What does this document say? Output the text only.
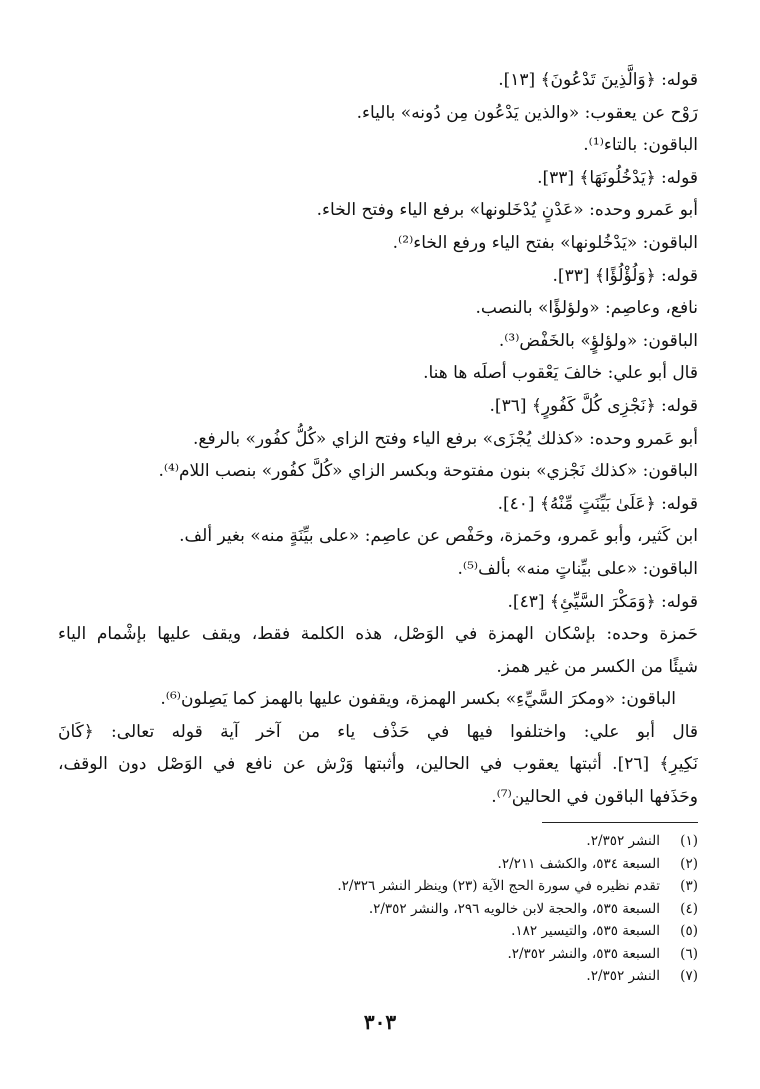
قوله: ﴿وَالَّذِينَ تَدْعُونَ﴾ [١٣].
رَوْح عن يعقوب: «والذين يَدْعُون مِن دُونه» بالياء.
الباقون: بالتاء⁽¹⁾.
قوله: ﴿يَدْخُلُونَهَا﴾ [٣٣].
أبو عَمرو وحده: «عَدْنٍ يُدْخَلونها» برفع الياء وفتح الخاء.
الباقون: «يَدْخُلونها» بفتح الياء ورفع الخاء⁽²⁾.
قوله: ﴿وَلُؤْلُؤًا﴾ [٣٣].
نافع، وعاصِم: «ولؤلؤًا» بالنصب.
الباقون: «ولؤلؤٍ» بالخَفْض⁽³⁾.
قال أبو علي: خالفَ يَعْقوب أصلَه ها هنا.
قوله: ﴿نَجْزِى كُلَّ كَفُورٍ﴾ [٣٦].
أبو عَمرو وحده: «كذلك يُجْزَى» برفع الياء وفتح الزاي «كُلُّ كفُور» بالرفع.
الباقون: «كذلك نَجْزي» بنون مفتوحة وبكسر الزاي «كُلَّ كفُور» بنصب اللام⁽⁴⁾.
قوله: ﴿عَلَىٰ بَيِّنَتٍ مِّنْهُ﴾ [٤٠].
ابن كَثير، وأبو عَمرو، وحَمزة، وحَفْص عن عاصِم: «على بيِّنَةٍ منه» بغير ألف.
الباقون: «على بيِّناتٍ منه» بألف⁽⁵⁾.
قوله: ﴿وَمَكْرَ السَّيِّئِ﴾ [٤٣].
حَمزة وحده: بإسْكان الهمزة في الوَصْل، هذه الكلمة فقط، ويقف عليها بإشْمام الياء
شيئًا من الكسر من غير همز.
الباقون: «ومكرَ السَّيِّءِ» بكسر الهمزة، ويقفون عليها بالهمز كما يَصِلون⁽⁶⁾.
قال أبو علي: واختلفوا فيها في حَذْف ياء من آخر آية قوله تعالى: ﴿كَانَ
نَكِيرِ﴾ [٢٦]. أثبتها يعقوب في الحالين، وأثبتها وَرْش عن نافع في الوَصْل دون الوقف،
وحَذَفها الباقون في الحالين⁽⁷⁾.
(١)النشر ٢/٣٥٢.
(٢)السبعة ٥٣٤، والكشف ٢/٢١١.
(٣)تقدم نظيره في سورة الحج الآية (٢٣) وينظر النشر ٢/٣٢٦.
(٤)السبعة ٥٣٥، والحجة لابن خالويه ٢٩٦، والنشر ٢/٣٥٢.
(٥)السبعة ٥٣٥، والتيسير ١٨٢.
(٦)السبعة ٥٣٥، والنشر ٢/٣٥٢.
(٧)النشر ٢/٣٥٢.
٣٠٣
